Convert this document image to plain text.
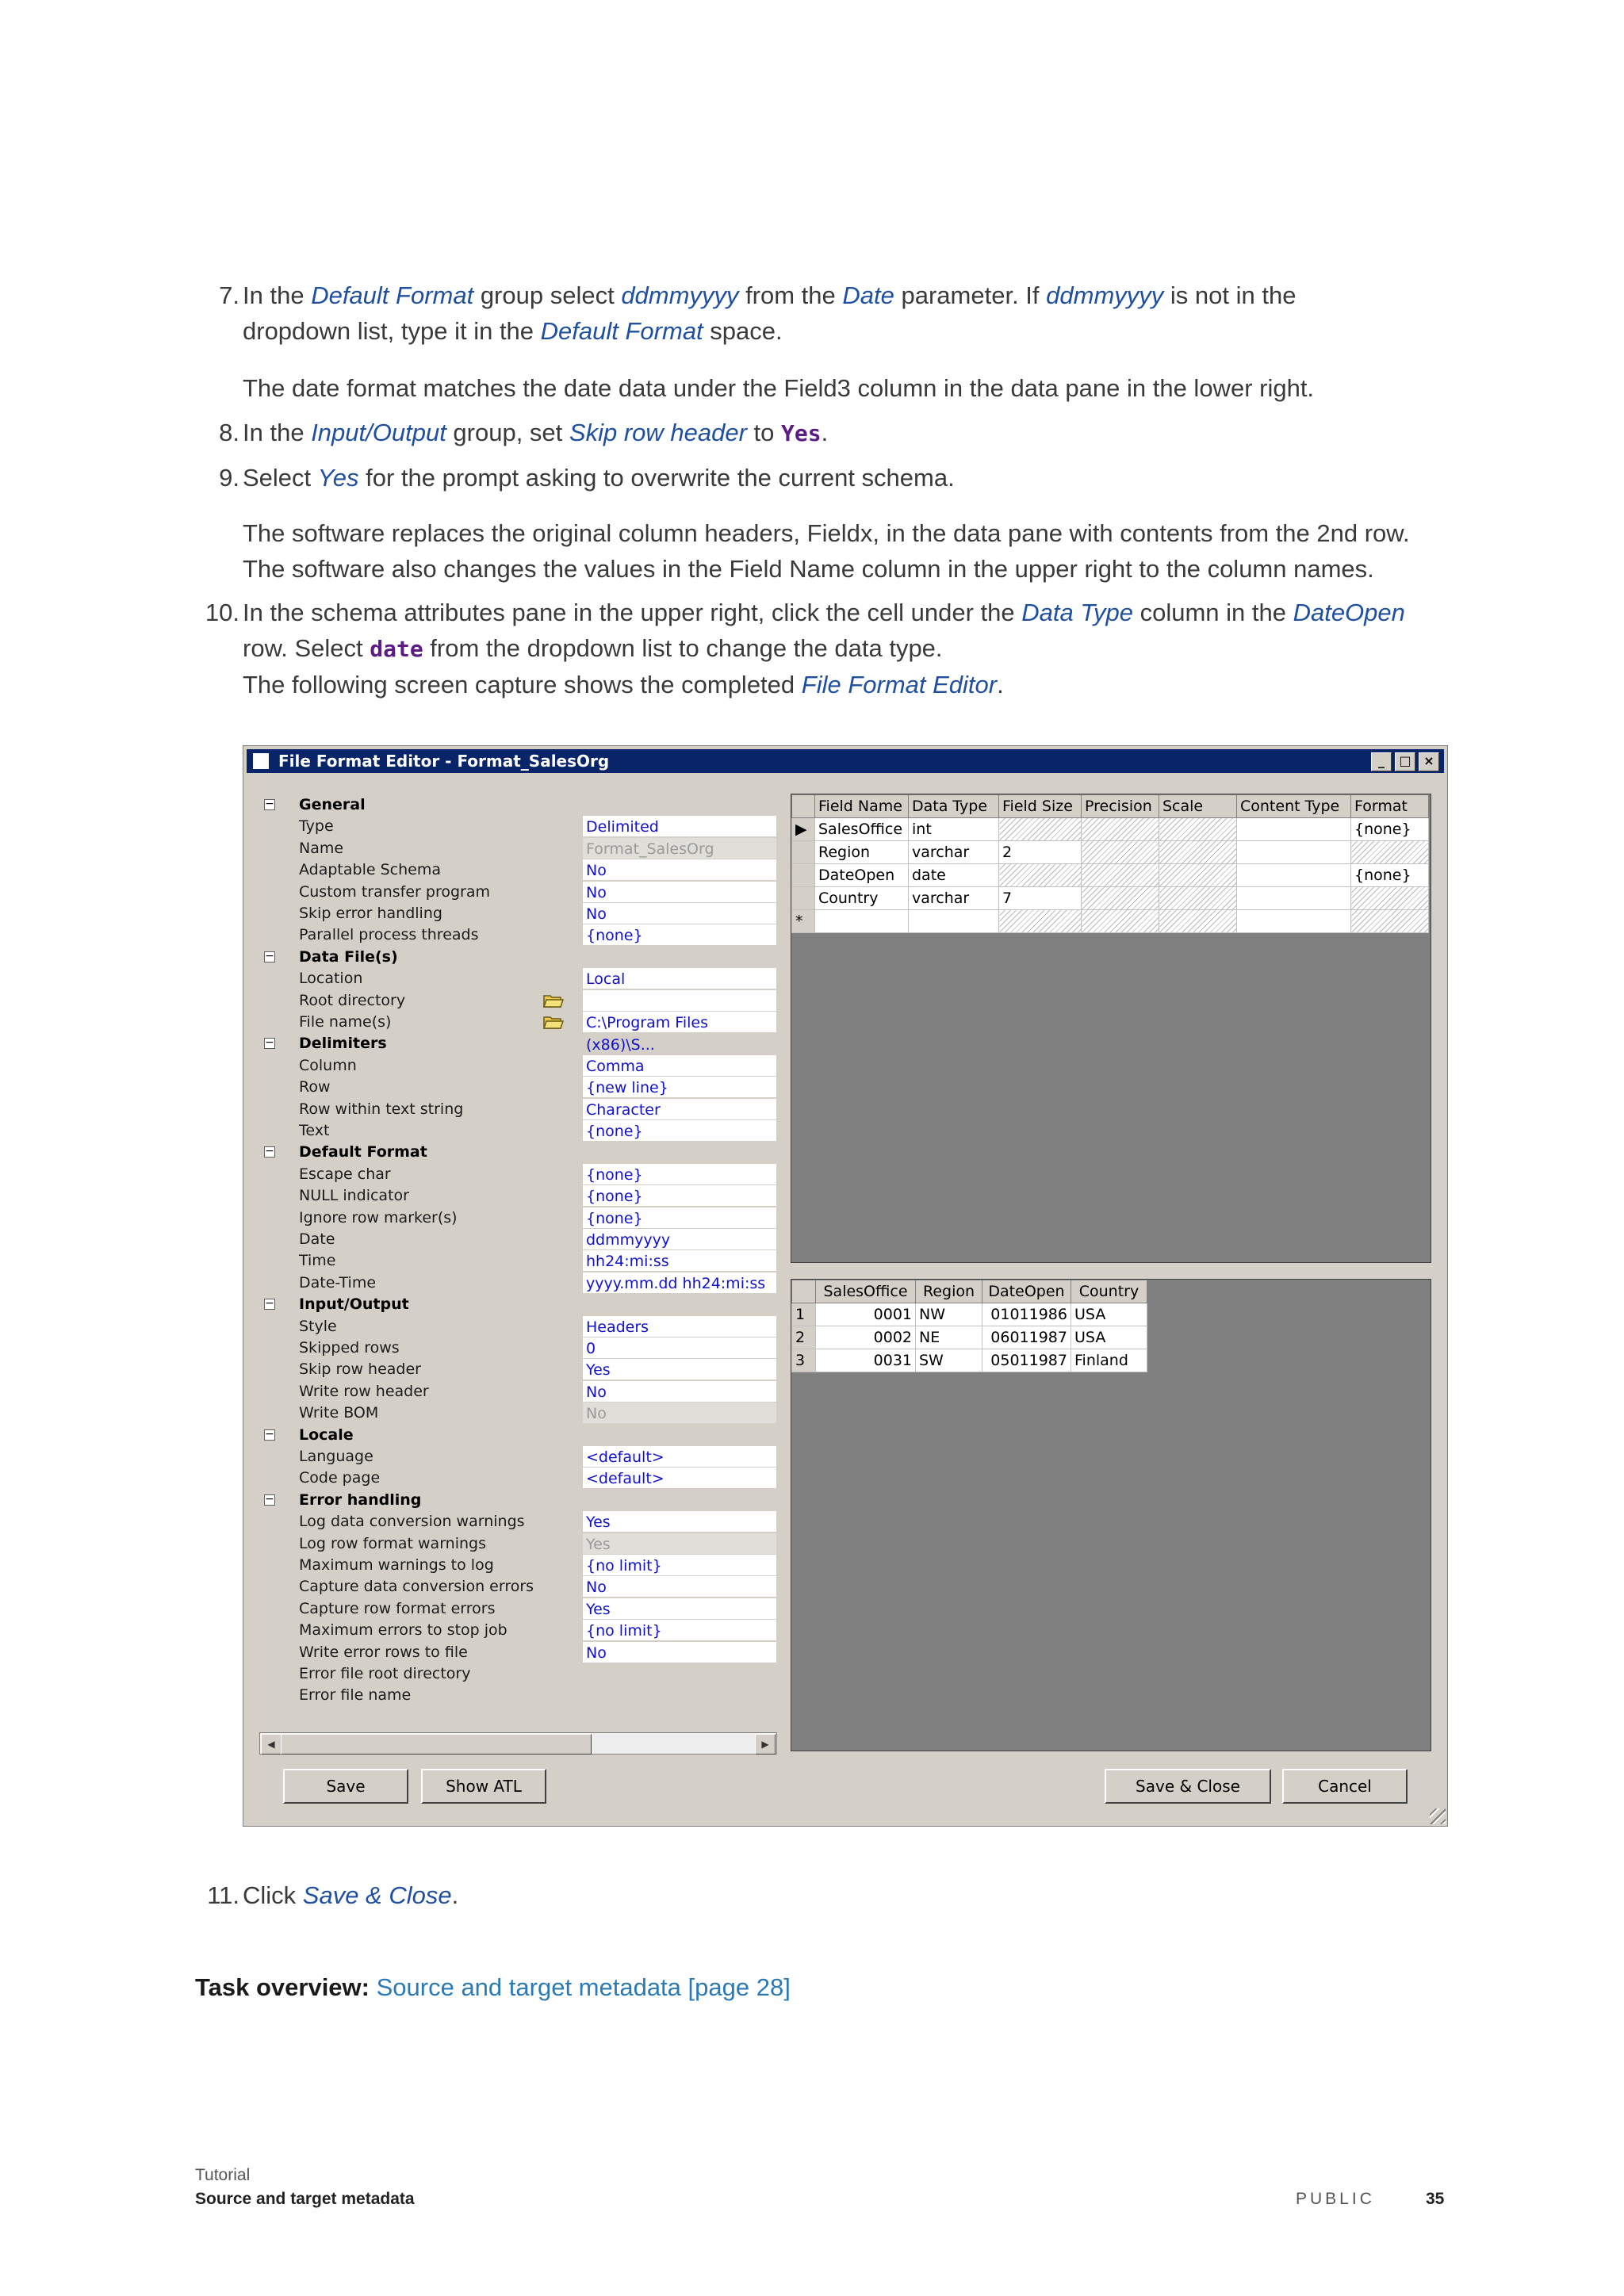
7. In the Default Format group select ddmmyyyy from the Date parameter. If ddmmyyyy is not in the
dropdown list, type it in the Default Format space.
The date format matches the date data under the Field3 column in the data pane in the lower right.
8. In the Input/Output group, set Skip row header to Yes.
9. Select Yes for the prompt asking to overwrite the current schema.
The software replaces the original column headers, Fieldx, in the data pane with contents from the 2nd row.
The software also changes the values in the Field Name column in the upper right to the column names.
10. In the schema attributes pane in the upper right, click the cell under the Data Type column in the DateOpen
row. Select date from the dropdown list to change the data type.
The following screen capture shows the completed File Format Editor.
File Format Editor - Format_SalesOrg	_	□ ×
− General
Type	Delimited
Name	Format_SalesOrg
Adaptable Schema	No
Custom transfer program	No
Skip error handling	No
Parallel process threads	{none}
− Data File(s)
Location	Local
Root directory
File name(s)	C:\Program Files (x86)\S...
− Delimiters
Column	Comma
Row	{new line}
Row within text string	Character
Text	{none}
− Default Format
Escape char	{none}
NULL indicator	{none}
Ignore row marker(s)	{none}
Date	ddmmyyyy
Time	hh24:mi:ss
Date-Time	yyyy.mm.dd hh24:mi:ss
− Input/Output
Style	Headers
Skipped rows	0
Skip row header	Yes
Write row header	No
Write BOM	No
− Locale
Language	<default>
Code page	<default>
− Error handling
Log data conversion warnings	Yes
Log row format warnings	Yes
Maximum warnings to log	{no limit}
Capture data conversion errors	No
Capture row format errors	Yes
Maximum errors to stop job	{no limit}
Write error rows to file	No
Error file root directory
Error file name
◀	▶
	Field Name	Data Type	Field Size	Precision	Scale	Content Type	Format
▶	SalesOffice	int					{none}
	Region	varchar	2				
	DateOpen	date					{none}
	Country	varchar	7				
*							
	SalesOffice	Region	DateOpen	Country
1	0001	NW	01011986	USA
2	0002	NE	06011987	USA
3	0031	SW	05011987	Finland
Save	Show ATL	Save & Close	Cancel
11. Click Save & Close.
Task overview: Source and target metadata [page 28]
Tutorial
Source and target metadata	PUBLIC	35
